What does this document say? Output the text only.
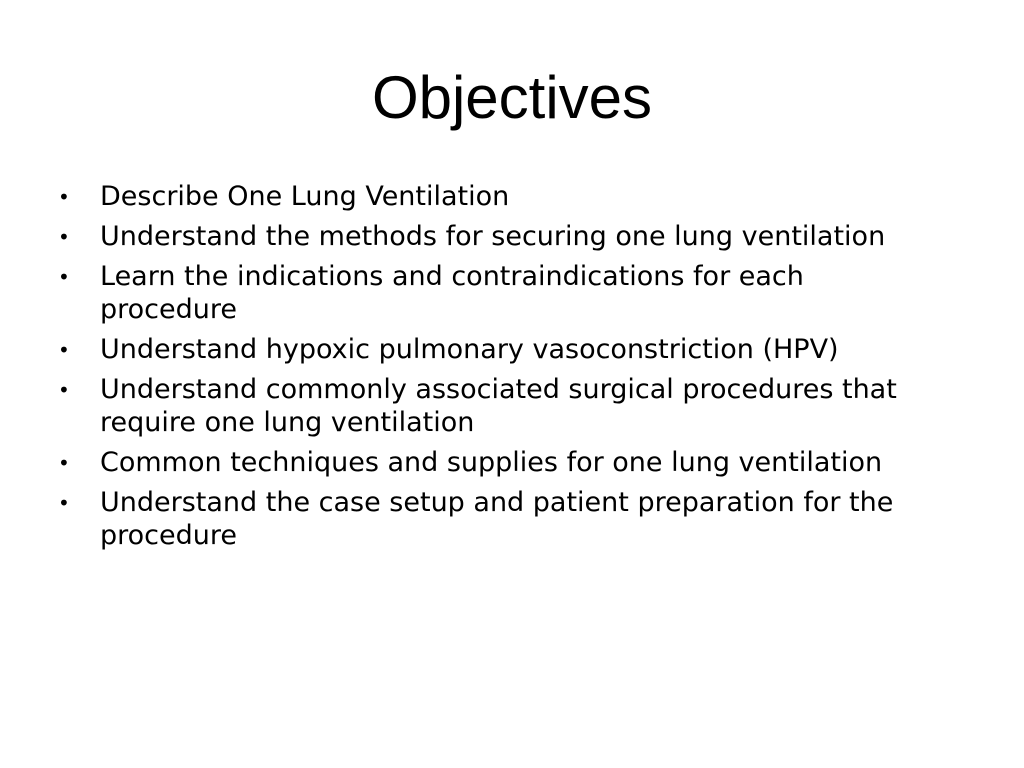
Objectives
•	Describe One Lung Ventilation
•	Understand the methods for securing one lung ventilation
•	Learn the indications and contraindications for each procedure
•	Understand hypoxic pulmonary vasoconstriction (HPV)
•	Understand commonly associated surgical procedures that require one lung ventilation
•	Common techniques and supplies for one lung ventilation
•	Understand the case setup and patient preparation for the procedure
